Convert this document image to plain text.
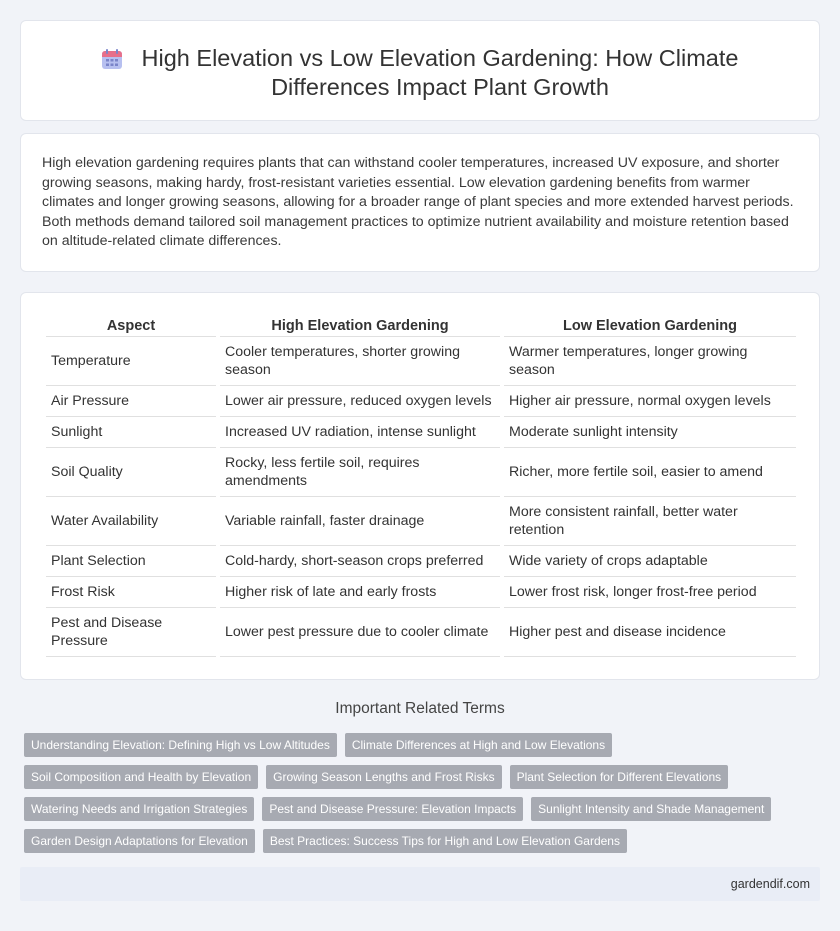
High Elevation vs Low Elevation Gardening: How Climate Differences Impact Plant Growth

High elevation gardening requires plants that can withstand cooler temperatures, increased UV exposure, and shorter growing seasons, making hardy, frost-resistant varieties essential. Low elevation gardening benefits from warmer climates and longer growing seasons, allowing for a broader range of plant species and more extended harvest periods. Both methods demand tailored soil management practices to optimize nutrient availability and moisture retention based on altitude-related climate differences.

Aspect	High Elevation Gardening	Low Elevation Gardening
Temperature	Cooler temperatures, shorter growing season	Warmer temperatures, longer growing season
Air Pressure	Lower air pressure, reduced oxygen levels	Higher air pressure, normal oxygen levels
Sunlight	Increased UV radiation, intense sunlight	Moderate sunlight intensity
Soil Quality	Rocky, less fertile soil, requires amendments	Richer, more fertile soil, easier to amend
Water Availability	Variable rainfall, faster drainage	More consistent rainfall, better water retention
Plant Selection	Cold-hardy, short-season crops preferred	Wide variety of crops adaptable
Frost Risk	Higher risk of late and early frosts	Lower frost risk, longer frost-free period
Pest and Disease Pressure	Lower pest pressure due to cooler climate	Higher pest and disease incidence
Important Related Terms
Understanding Elevation: Defining High vs Low Altitudes	Climate Differences at High and Low Elevations
Soil Composition and Health by Elevation	Growing Season Lengths and Frost Risks	Plant Selection for Different Elevations
Watering Needs and Irrigation Strategies	Pest and Disease Pressure: Elevation Impacts	Sunlight Intensity and Shade Management
Garden Design Adaptations for Elevation	Best Practices: Success Tips for High and Low Elevation Gardens
gardendif.com
